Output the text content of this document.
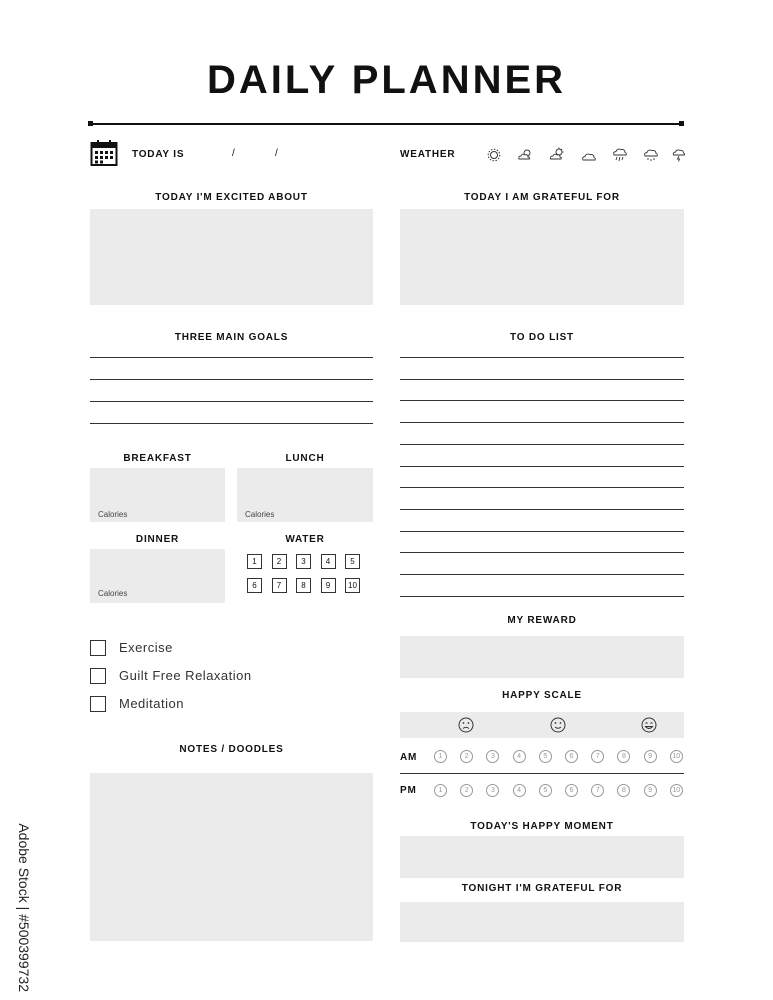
DAILY PLANNER
TODAY IS	/	/	WEATHER
TODAY I'M EXCITED ABOUT	TODAY I AM GRATEFUL FOR
THREE MAIN GOALS	TO DO LIST
BREAKFAST
Calories
LUNCH
Calories
DINNER
Calories
WATER
1	2	3	4	5
6	7	8	9	10
Exercise
Guilt Free Relaxation
Meditation
NOTES / DOODLES
MY REWARD
HAPPY SCALE
AM
PM
1	2	3	4	5	6	7	8	9	10
1	2	3	4	5	6	7	8	9	10
TODAY'S HAPPY MOMENT
TONIGHT I'M GRATEFUL FOR
Adobe Stock | #500399732
